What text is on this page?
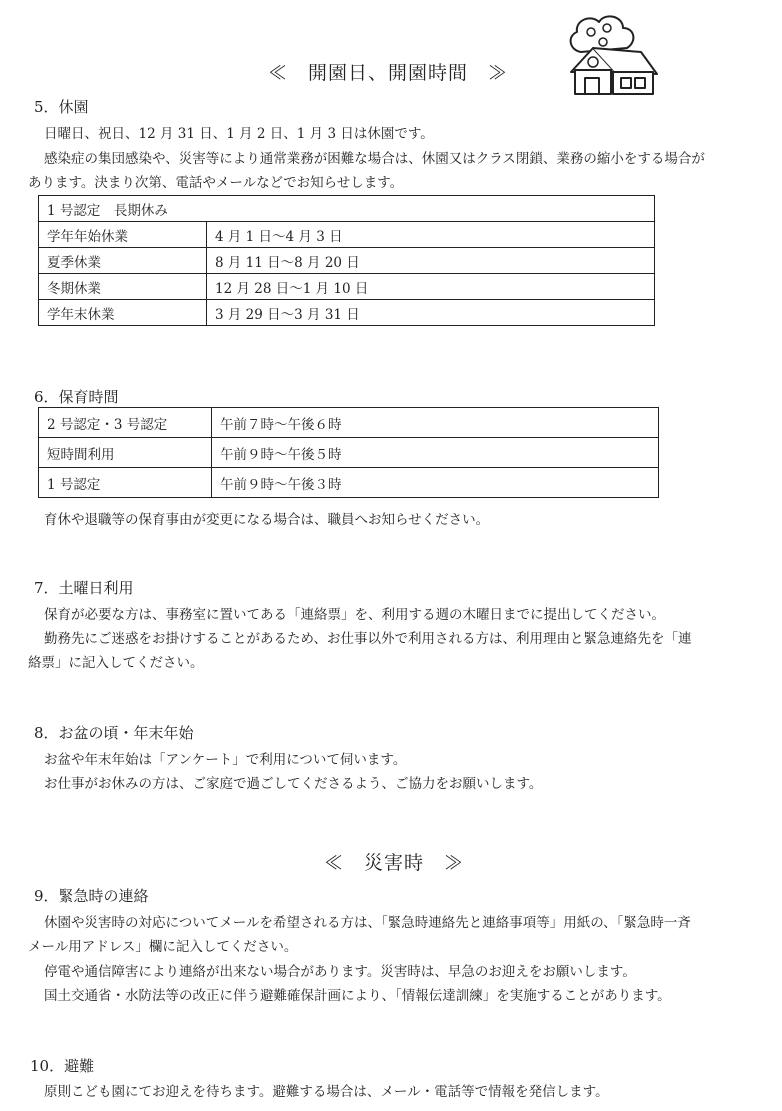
≪　開園日、開園時間　≫
5．休園
日曜日、祝日、12 月 31 日、1 月 2 日、1 月 3 日は休園です。
感染症の集団感染や、災害等により通常業務が困難な場合は、休園又はクラス閉鎖、業務の縮小をする場合が
あります。決まり次第、電話やメールなどでお知らせします。
1 号認定　長期休み	
学年年始休業	4 月 1 日～4 月 3 日
夏季休業	8 月 11 日～8 月 20 日
冬期休業	12 月 28 日～1 月 10 日
学年末休業	3 月 29 日～3 月 31 日
6．保育時間
2 号認定・3 号認定	午前７時～午後６時
短時間利用	午前９時～午後５時
1 号認定	午前９時～午後３時
育休や退職等の保育事由が変更になる場合は、職員へお知らせください。
7．土曜日利用
保育が必要な方は、事務室に置いてある「連絡票」を、利用する週の木曜日までに提出してください。
勤務先にご迷惑をお掛けすることがあるため、お仕事以外で利用される方は、利用理由と緊急連絡先を「連
絡票」に記入してください。
8．お盆の頃・年末年始
お盆や年末年始は「アンケート」で利用について伺います。
お仕事がお休みの方は、ご家庭で過ごしてくださるよう、ご協力をお願いします。
≪　災害時　≫
9．緊急時の連絡
休園や災害時の対応についてメールを希望される方は、「緊急時連絡先と連絡事項等」用紙の、「緊急時一斉
メール用アドレス」欄に記入してください。
停電や通信障害により連絡が出来ない場合があります。災害時は、早急のお迎えをお願いします。
国土交通省・水防法等の改正に伴う避難確保計画により、「情報伝達訓練」を実施することがあります。
10．避難
原則こども園にてお迎えを待ちます。避難する場合は、メール・電話等で情報を発信します。
